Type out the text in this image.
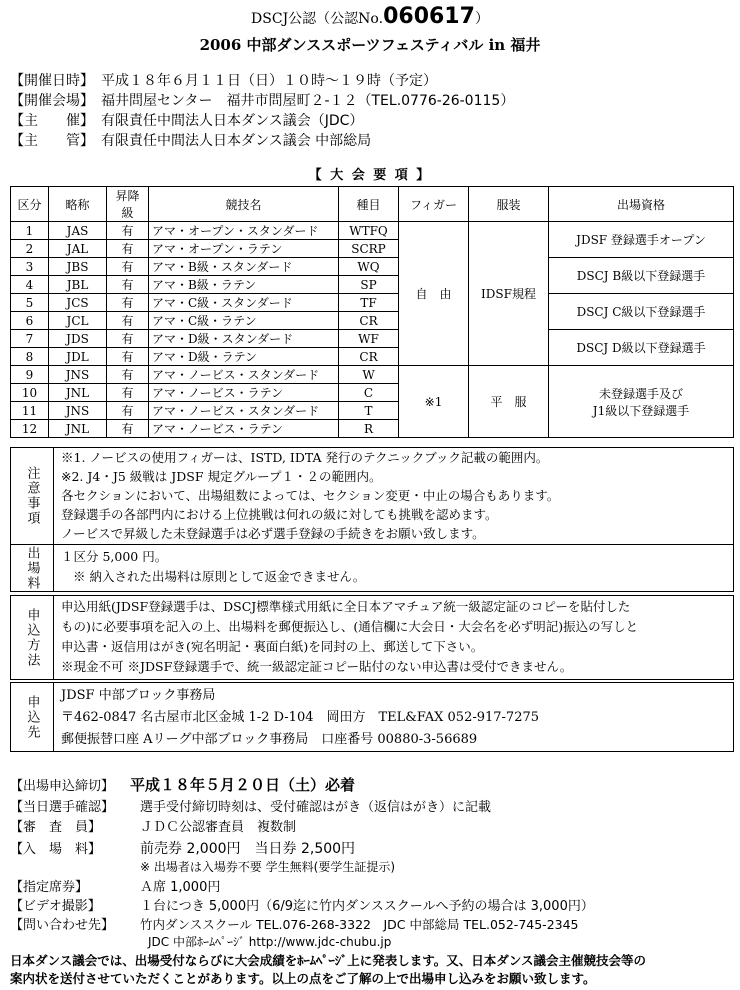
DSCJ公認（公認No.060617）
2006 中部ダンススポーツフェスティバル in 福井
【開催日時】　 平成１８年６月１１日（日）１０時～１９時（予定）
【開催会場】　 福井問屋センター　福井市問屋町２-１２（TEL.0776-26-0115）
【主　　催】　 有限責任中間法人日本ダンス議会（JDC）
【主　　管】　 有限責任中間法人日本ダンス議会 中部総局
【 大 会 要 項 】
区分	略称	昇降級	競技名	種目	フィガー	服装	出場資格
1	JAS	有	アマ・オープン・スタンダード	WTFQ	自　由	IDSF規程	JDSF 登録選手オープン
2	JAL	有	アマ・オープン・ラテン	SCRP			
3	JBS	有	アマ・B級・スタンダード	WQ			DSCJ B級以下登録選手
4	JBL	有	アマ・B級・ラテン	SP			
5	JCS	有	アマ・C級・スタンダード	TF			DSCJ C級以下登録選手
6	JCL	有	アマ・C級・ラテン	CR			
7	JDS	有	アマ・D級・スタンダード	WF			DSCJ D級以下登録選手
8	JDL	有	アマ・D級・ラテン	CR			
9	JNS	有	アマ・ノービス・スタンダード	W	※1	平　服	未登録選手及び
J1級以下登録選手
10	JNL	有	アマ・ノービス・ラテン	C			
11	JNS	有	アマ・ノービス・スタンダード	T			
12	JNL	有	アマ・ノービス・ラテン	R			
注意事項
※1. ノービスの使用フィガーは、ISTD, IDTA 発行のテクニックブック記載の範囲内。
※2. J4・J5 級戦は JDSF 規定グループ１・２の範囲内。
各セクションにおいて、出場組数によっては、セクション変更・中止の場合もあります。
登録選手の各部門内における上位挑戦は何れの級に対しても挑戦を認めます。
ノービスで昇級した未登録選手は必ず選手登録の手続きをお願い致します。
出場料 １区分 5,000 円。
※ 納入された出場料は原則として返金できません。
申込方法
申込用紙(JDSF登録選手は、DSCJ標準様式用紙に全日本アマチュア統一級認定証のコピーを貼付した
もの)に必要事項を記入の上、出場料を郵便振込し、(通信欄に大会日・大会名を必ず明記)振込の写しと
申込書・返信用はがき(宛名明記・裏面白紙)を同封の上、郵送して下さい。
※現金不可 ※JDSF登録選手で、統一級認定証コピー貼付のない申込書は受付できません。
申込先 JDSF 中部ブロック事務局
〒462-0847 名古屋市北区金城 1-2 D-104　岡田方　TEL&FAX 052-917-7275
郵便振替口座 Aリーグ中部ブロック事務局　口座番号 00880-3-56689
【出場申込締切】 平成１８年５月２０日（土）必着
【当日選手確認】 選手受付締切時刻は、受付確認はがき（返信はがき）に記載
【審　査　員】	ＪＤＣ公認審査員　複数制
【入　場　料】	前売券 2,000円　当日券 2,500円
※ 出場者は入場券不要 学生無料(要学生証提示)
【指定席券】	Ａ席 1,000円
【ビデオ撮影】	１台につき 5,000円（6/9迄に竹内ダンススクールへ予約の場合は 3,000円）
【問い合わせ先】 竹内ダンススクール TEL.076-268-3322　JDC 中部総局 TEL.052-745-2345
JDC 中部ﾎｰﾑﾍﾟｰｼﾞ http://www.jdc-chubu.jp
日本ダンス議会では、出場受付ならびに大会成績をﾎｰﾑﾍﾟｰｼﾞ上に発表します。又、日本ダンス議会主催競技会等の
案内状を送付させていただくことがあります。以上の点をご了解の上で出場申し込みをお願い致します。
